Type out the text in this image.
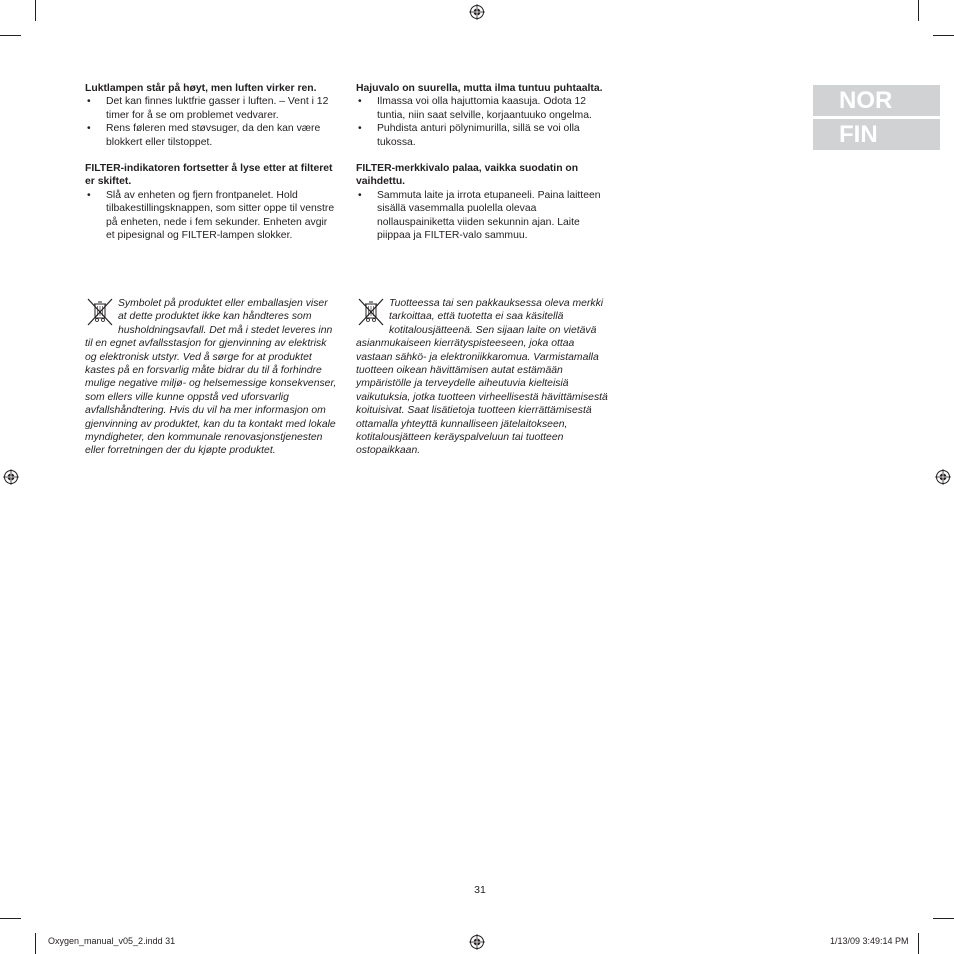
Luktlampen står på høyt, men luften virker ren.

• Det kan finnes luktfrie gasser i luften. – Vent i 12 timer for å se om problemet vedvarer.
• Rens føleren med støvsuger, da den kan være blokkert eller tilstoppet.

FILTER-indikatoren fortsetter å lyse etter at filteret er skiftet.

• Slå av enheten og fjern frontpanelet. Hold tilbakestillingsknappen, som sitter oppe til venstre på enheten, nede i fem sekunder. Enheten avgir et pipesignal og FILTER-lampen slokker.

Hajuvalo on suurella, mutta ilma tuntuu puhtaalta.

• Ilmassa voi olla hajuttomia kaasuja. Odota 12 tuntia, niin saat selville, korjaantuuko ongelma.
• Puhdista anturi pölynimurilla, sillä se voi olla tukossa.

FILTER-merkkivalo palaa, vaikka suodatin on vaihdettu.

• Sammuta laite ja irrota etupaneeli. Paina laitteen sisällä vasemmalla puolella olevaa nollauspainiketta viiden sekunnin ajan. Laite piippaa ja FILTER-valo sammuu.
Symbolet på produktet eller emballasjen viser at dette produktet ikke kan håndteres som husholdningsavfall. Det må i stedet leveres inn til en egnet avfallsstasjon for gjenvinning av elektrisk og elektronisk utstyr. Ved å sørge for at produktet kastes på en forsvarlig måte bidrar du til å forhindre mulige negative miljø- og helsemessige konsekvenser, som ellers ville kunne oppstå ved uforsvarlig avfallshåndtering. Hvis du vil ha mer informasjon om gjenvinning av produktet, kan du ta kontakt med lokale myndigheter, den kommunale renovasjonstjenesten eller forretningen der du kjøpte produktet.
Tuotteessa tai sen pakkauksessa oleva merkki tarkoittaa, että tuotetta ei saa käsitellä kotitalousjätteenä. Sen sijaan laite on vietävä asianmukaiseen kierrätyspisteeseen, joka ottaa vastaan sähkö- ja elektroniikkaromua. Varmistamalla tuotteen oikean hävittämisen autat estämään ympäristölle ja terveydelle aiheutuvia kielteisiä vaikutuksia, jotka tuotteen virheellisestä hävittämisestä koituisivat. Saat lisätietoja tuotteen kierrättämisestä ottamalla yhteyttä kunnalliseen jätelaitokseen, kotitalousjätteen keräyspalveluun tai tuotteen ostopaikkaan.
NOR
FIN
31
Oxygen_manual_v05_2.indd 31	1/13/09 3:49:14 PM
